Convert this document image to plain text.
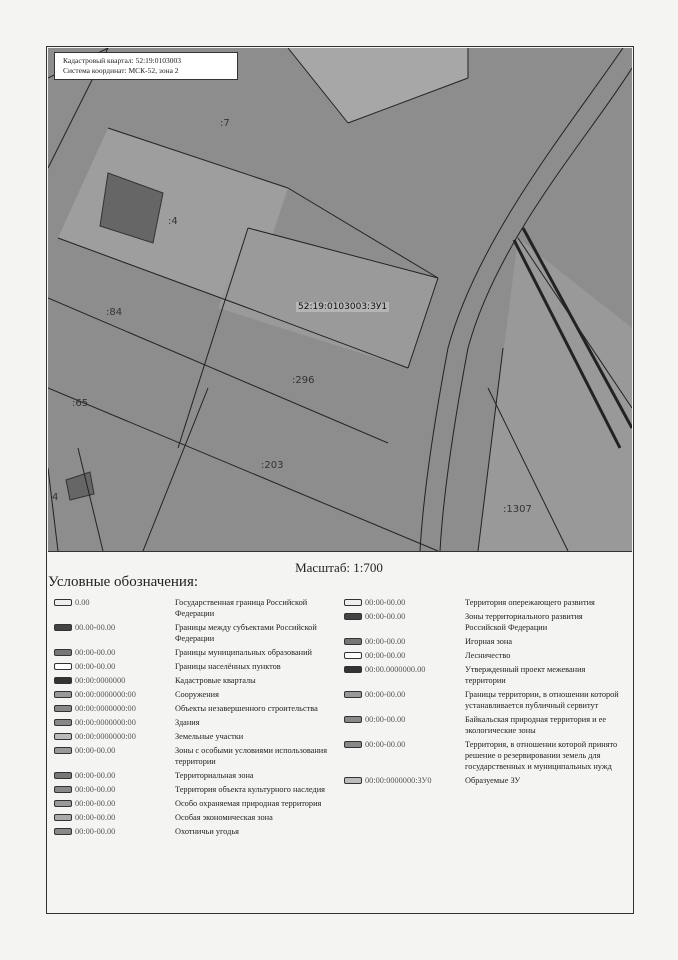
Кадастровый квартал: 52:19:0103003
Система координат: МСК-52, зона 2
:7
:4
:84	52:19:0103003:ЗУ1
:296
:65
:203
:1307
4
Масштаб: 1:700
Условные обозначения:
0.00	Государственная граница Российской Федерации
00.00-00.00	Границы между субъектами Российской Федерации
00:00-00.00	Границы муниципальных образований
00:00-00.00	Границы населённых пунктов
00:00:0000000	Кадастровые кварталы
00:00:0000000:00	Сооружения
00:00:0000000:00	Объекты незавершенного строительства
00:00:0000000:00	Здания
00:00:0000000:00	Земельные участки
00:00-00.00	Зоны с особыми условиями использования территории
00:00-00.00	Территориальная зона
00:00-00.00	Территория объекта культурного наследия
00:00-00.00	Особо охраняемая природная территория
00:00-00.00	Особая экономическая зона
00:00-00.00	Охотничьи угодья
00:00-00.00	Территория опережающего развития
00:00-00.00	Зоны территориального развития Российской Федерации
00:00-00.00	Игорная зона
00:00-00.00	Лесничество
00:00.0000000.00	Утвержденный проект межевания территории
00:00-00.00	Границы территории, в отношении которой устанавливается публичный сервитут
00:00-00.00	Байкальская природная территория и ее экологические зоны
00:00-00.00	Территория, в отношении которой принято решение о резервировании земель для государственных и муниципальных нужд
00:00:0000000:ЗУ0	Образуемые ЗУ
